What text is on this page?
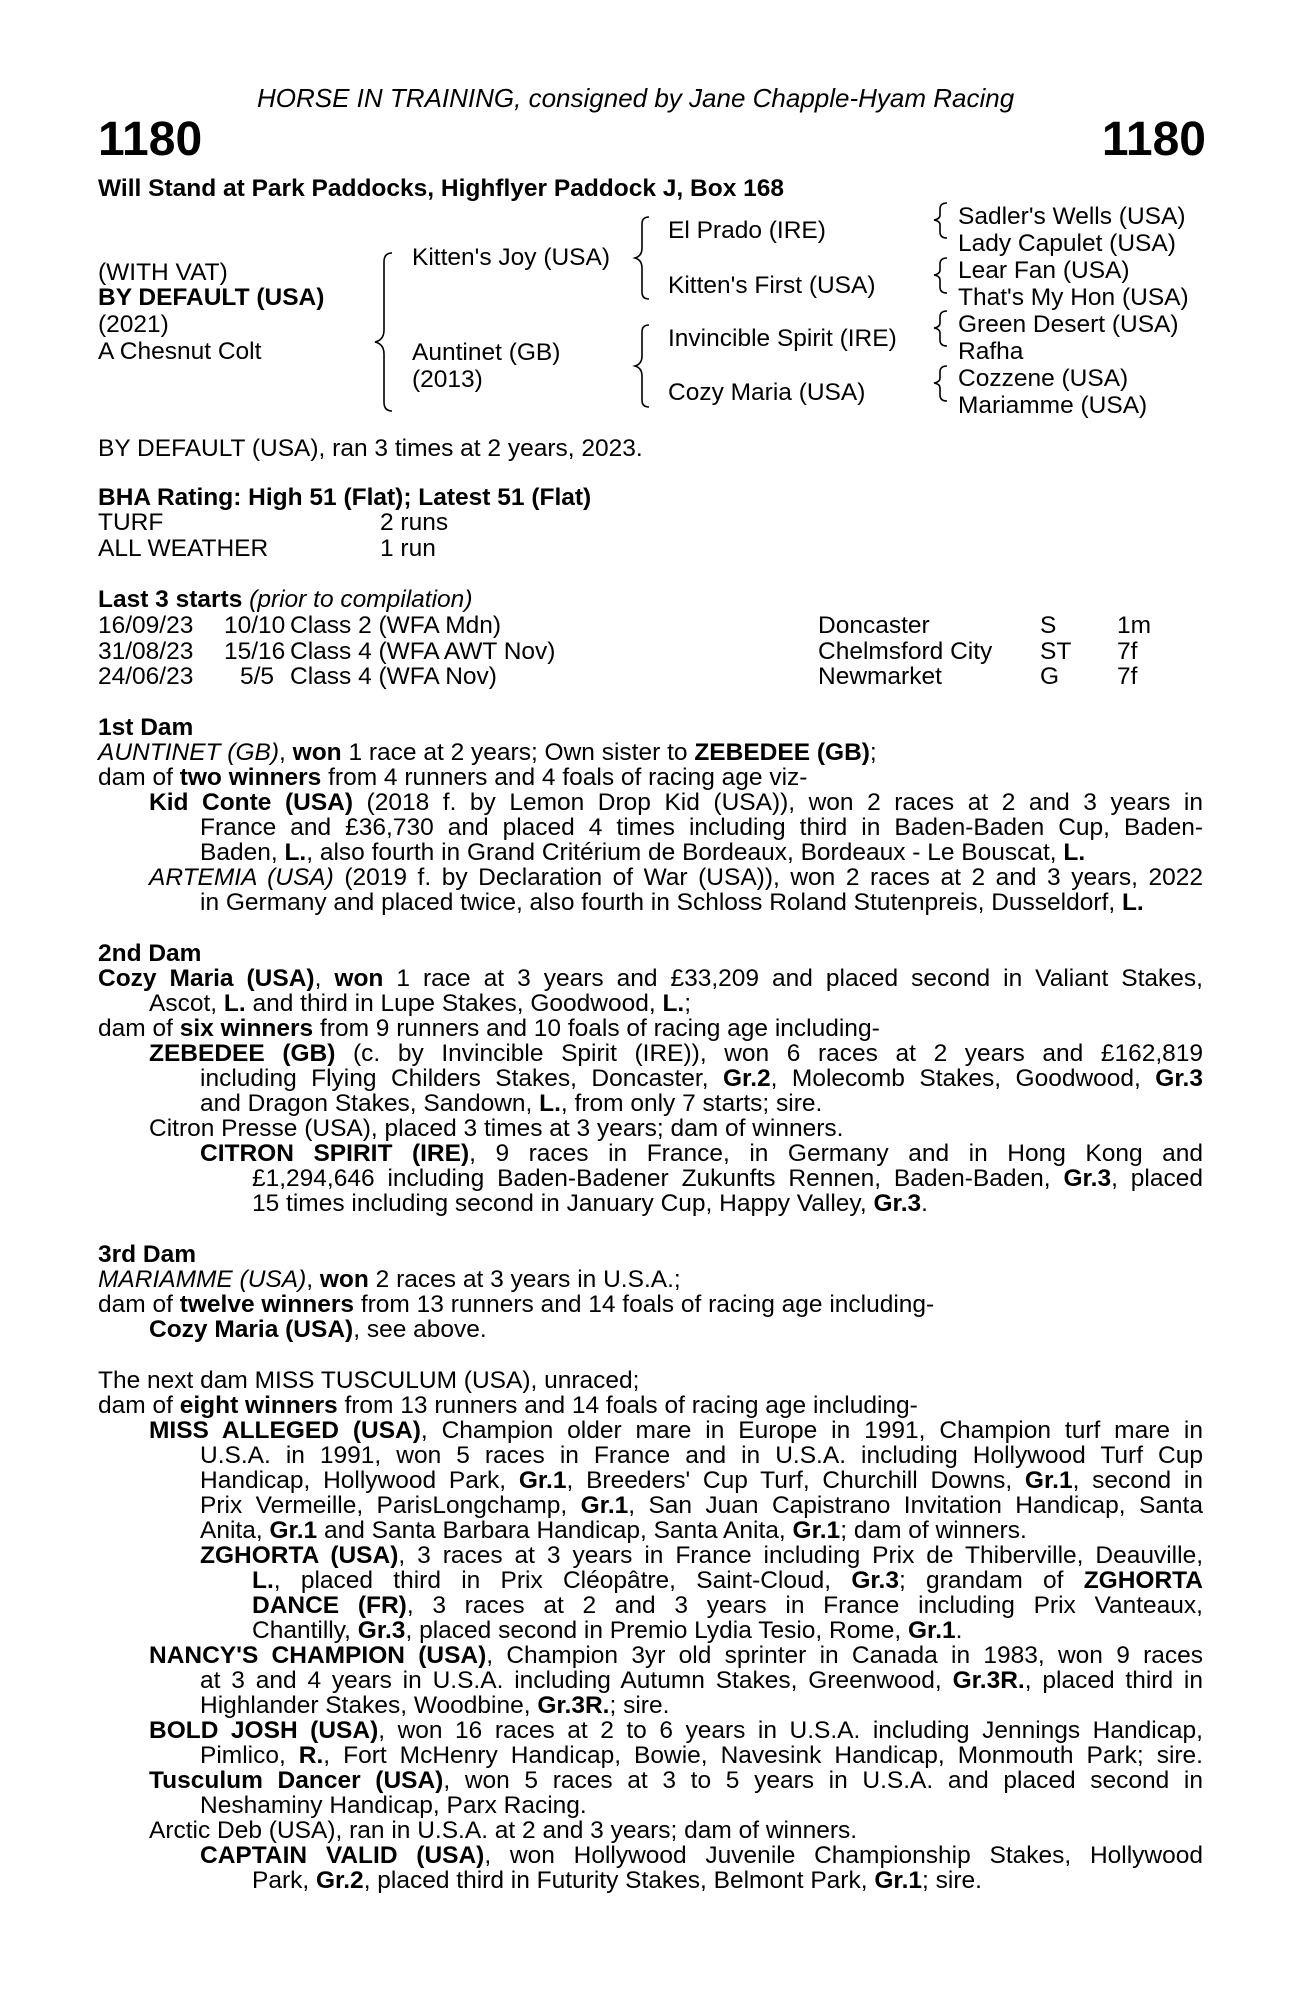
HORSE IN TRAINING, consigned by Jane Chapple-Hyam Racing
1180	1180
Will Stand at Park Paddocks, Highflyer Paddock J, Box 168
(WITH VAT)
BY DEFAULT (USA)
(2021)
A Chesnut Colt
Kitten's Joy (USA)
Auntinet (GB)
(2013)
El Prado (IRE)
Kitten's First (USA)
Invincible Spirit (IRE)
Cozy Maria (USA)
Sadler's Wells (USA)
Lady Capulet (USA)
Lear Fan (USA)
That's My Hon (USA)
Green Desert (USA)
Rafha
Cozzene (USA)
Mariamme (USA)
BY DEFAULT (USA), ran 3 times at 2 years, 2023.
BHA Rating: High 51 (Flat); Latest 51 (Flat)
TURF	2 runs
ALL WEATHER	1 run
Last 3 starts (prior to compilation)
16/09/23 10/10 Class 2 (WFA Mdn)	Doncaster	S 1m
31/08/23 15/16 Class 4 (WFA AWT Nov)	Chelmsford City ST 7f
24/06/23 5/5 Class 4 (WFA Nov)	Newmarket	G 7f
1st Dam
AUNTINET (GB), won 1 race at 2 years; Own sister to ZEBEDEE (GB);
dam of two winners from 4 runners and 4 foals of racing age viz-
Kid Conte (USA) (2018 f. by Lemon Drop Kid (USA)), won 2 races at 2 and 3 years in
France and £36,730 and placed 4 times including third in Baden-Baden Cup, Baden-
Baden, L., also fourth in Grand Critérium de Bordeaux, Bordeaux - Le Bouscat, L.
ARTEMIA (USA) (2019 f. by Declaration of War (USA)), won 2 races at 2 and 3 years, 2022
in Germany and placed twice, also fourth in Schloss Roland Stutenpreis, Dusseldorf, L.
2nd Dam
Cozy Maria (USA), won 1 race at 3 years and £33,209 and placed second in Valiant Stakes,
Ascot, L. and third in Lupe Stakes, Goodwood, L.;
dam of six winners from 9 runners and 10 foals of racing age including-
ZEBEDEE (GB) (c. by Invincible Spirit (IRE)), won 6 races at 2 years and £162,819
including Flying Childers Stakes, Doncaster, Gr.2, Molecomb Stakes, Goodwood, Gr.3
and Dragon Stakes, Sandown, L., from only 7 starts; sire.
Citron Presse (USA), placed 3 times at 3 years; dam of winners.
CITRON SPIRIT (IRE), 9 races in France, in Germany and in Hong Kong and
£1,294,646 including Baden-Badener Zukunfts Rennen, Baden-Baden, Gr.3, placed
15 times including second in January Cup, Happy Valley, Gr.3.
3rd Dam
MARIAMME (USA), won 2 races at 3 years in U.S.A.;
dam of twelve winners from 13 runners and 14 foals of racing age including-
Cozy Maria (USA), see above.
The next dam MISS TUSCULUM (USA), unraced;
dam of eight winners from 13 runners and 14 foals of racing age including-
MISS ALLEGED (USA), Champion older mare in Europe in 1991, Champion turf mare in
U.S.A. in 1991, won 5 races in France and in U.S.A. including Hollywood Turf Cup
Handicap, Hollywood Park, Gr.1, Breeders' Cup Turf, Churchill Downs, Gr.1, second in
Prix Vermeille, ParisLongchamp, Gr.1, San Juan Capistrano Invitation Handicap, Santa
Anita, Gr.1 and Santa Barbara Handicap, Santa Anita, Gr.1; dam of winners.
ZGHORTA (USA), 3 races at 3 years in France including Prix de Thiberville, Deauville,
L., placed third in Prix Cléopâtre, Saint-Cloud, Gr.3; grandam of ZGHORTA
DANCE (FR), 3 races at 2 and 3 years in France including Prix Vanteaux,
Chantilly, Gr.3, placed second in Premio Lydia Tesio, Rome, Gr.1.
NANCY'S CHAMPION (USA), Champion 3yr old sprinter in Canada in 1983, won 9 races
at 3 and 4 years in U.S.A. including Autumn Stakes, Greenwood, Gr.3R., placed third in
Highlander Stakes, Woodbine, Gr.3R.; sire.
BOLD JOSH (USA), won 16 races at 2 to 6 years in U.S.A. including Jennings Handicap,
Pimlico, R., Fort McHenry Handicap, Bowie, Navesink Handicap, Monmouth Park; sire.
Tusculum Dancer (USA), won 5 races at 3 to 5 years in U.S.A. and placed second in
Neshaminy Handicap, Parx Racing.
Arctic Deb (USA), ran in U.S.A. at 2 and 3 years; dam of winners.
CAPTAIN VALID (USA), won Hollywood Juvenile Championship Stakes, Hollywood
Park, Gr.2, placed third in Futurity Stakes, Belmont Park, Gr.1; sire.
